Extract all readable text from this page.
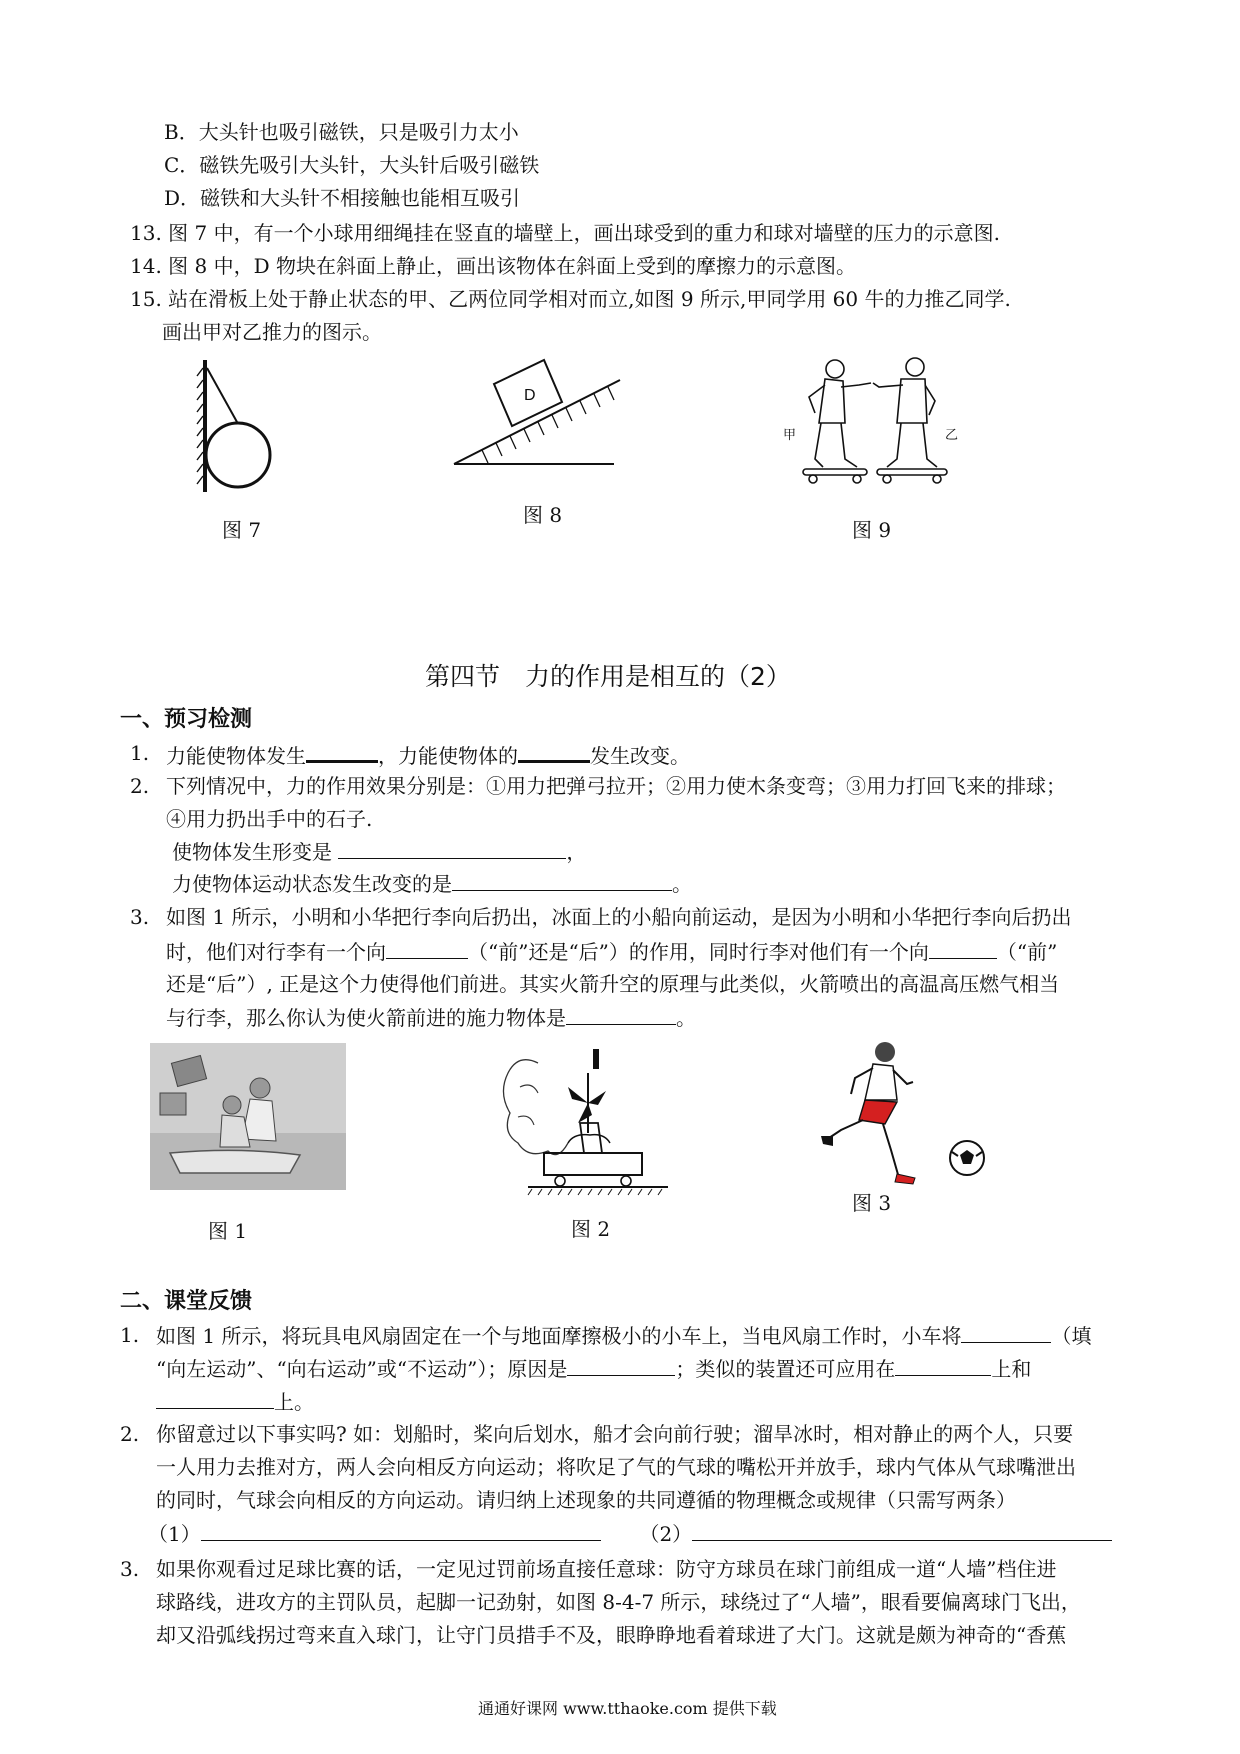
B．大头针也吸引磁铁，只是吸引力太小
C．磁铁先吸引大头针，大头针后吸引磁铁
D．磁铁和大头针不相接触也能相互吸引
13. 图 7 中，有一个小球用细绳挂在竖直的墙壁上，画出球受到的重力和球对墙壁的压力的示意图.
14. 图 8 中，D 物块在斜面上静止，画出该物体在斜面上受到的摩擦力的示意图。
15. 站在滑板上处于静止状态的甲、乙两位同学相对而立,如图 9 所示,甲同学用 60 牛的力推乙同学.
画出甲对乙推力的图示。
图 7
D
图 8
甲	乙
图 9
第四节　力的作用是相互的（2）
一、预习检测
1. 力能使物体发生	，力能使物体的	发生改变。
2. 下列情况中，力的作用效果分别是：①用力把弹弓拉开；②用力使木条变弯；③用力打回飞来的排球；
④用力扔出手中的石子.
使物体发生形变是	，
力使物体运动状态发生改变的是	。
3. 如图 1 所示，小明和小华把行李向后扔出，冰面上的小船向前运动，是因为小明和小华把行李向后扔出
时，他们对行李有一个向	（“前”还是“后”）的作用，同时行李对他们有一个向	（“前”
还是“后”）, 正是这个力使得他们前进。其实火箭升空的原理与此类似，火箭喷出的高温高压燃气相当
与行李，那么你认为使火箭前进的施力物体是	。
图 1	图 2
图 3
二、课堂反馈
1. 如图 1 所示，将玩具电风扇固定在一个与地面摩擦极小的小车上，当电风扇工作时，小车将	（填
“向左运动”、“向右运动”或“不运动”）；原因是	；类似的装置还可应用在	上和
上。
2. 你留意过以下事实吗? 如：划船时，桨向后划水，船才会向前行驶；溜旱冰时，相对静止的两个人，只要
一人用力去推对方，两人会向相反方向运动；将吹足了气的气球的嘴松开并放手，球内气体从气球嘴泄出
的同时，气球会向相反的方向运动。请归纳上述现象的共同遵循的物理概念或规律（只需写两条）
（1）	（2）
3. 如果你观看过足球比赛的话，一定见过罚前场直接任意球：防守方球员在球门前组成一道“人墙”档住进
球路线，进攻方的主罚队员，起脚一记劲射，如图 8-4-7 所示，球绕过了“人墙”，眼看要偏离球门飞出，
却又沿弧线拐过弯来直入球门，让守门员措手不及，眼睁睁地看着球进了大门。这就是颇为神奇的“香蕉
通通好课网 www.tthaoke.com 提供下载
